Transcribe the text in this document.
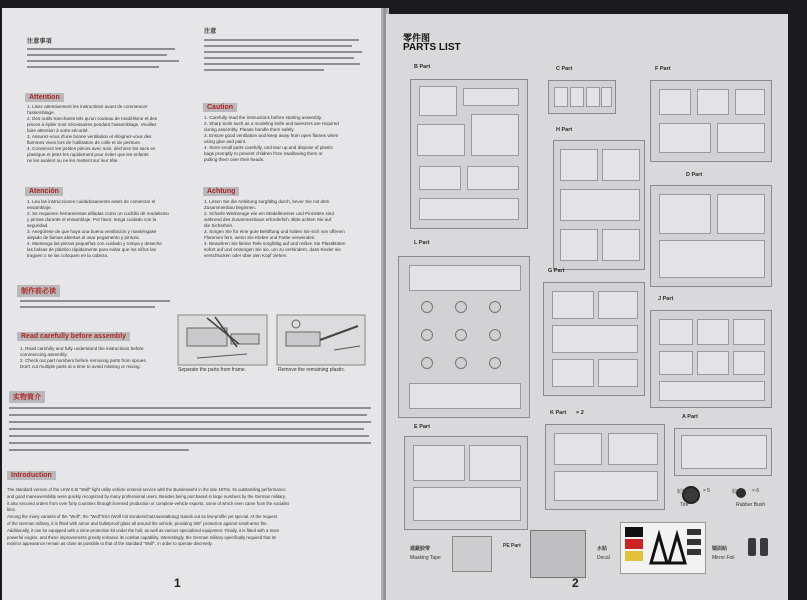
注意事項
注意
Attention
1. Lisez attentivement les instructions avant de commencer
l'assemblage.
2. Des outils tranchants tels qu'un couteau de modélisme et des
pinces à épiler sont nécessaires pendant l'assemblage. Veuillez
faire attention à votre sécurité.
3. Assurez-vous d'une bonne ventilation et éloignez-vous des
flammes vives lors de l'utilisation de colle et de peinture.
4. Conservez les petites pièces avec soin, déchirez les sacs en
plastique et jetez-les rapidement pour éviter que les enfants
ne les avalent ou ne les mettent sur leur tête.
Caution
1. Carefully read the instructions before starting assembly.
2. Sharp tools such as a modeling knife and tweezers are required
during assembly. Please handle them safely.
3. Ensure good ventilation and keep away from open flames when
using glue and paint.
4. Store small parts carefully, and tear up and dispose of plastic
bags promptly to prevent children from swallowing them or
pulling them over their heads.
Atención
1. Lea las instrucciones cuidadosamente antes de comenzar el
ensamblaje.
2. Se requieren herramientas afiladas como un cuchillo de modelismo
y pinzas durante el ensamblaje. Por favor, tenga cuidado con la
seguridad.
3. Asegúrese de que haya una buena ventilación y manténgase
alejado de llamas abiertas al usar pegamento y pintura.
4. Mantenga las piezas pequeñas con cuidado y rompa y deseche
las bolsas de plástico rápidamente para evitar que los niños las
traguen o se las coloquen en la cabeza.
Achtung
1. Lesen Sie die Anleitung sorgfältig durch, bevor Sie mit dem
Zusammenbau beginnen.
2. Scharfe Werkzeuge wie ein Modellmesser und Pinzetten sind
während des Zusammenbaus erforderlich. Bitte achten Sie auf
die Sicherheit.
3. Sorgen Sie für eine gute Belüftung und halten Sie sich von offenen
Flammen fern, wenn Sie Kleber und Farbe verwenden.
4. Bewahren Sie kleine Teile sorgfältig auf und reißen Sie Plastiktüten
sofort auf und entsorgen Sie sie, um zu verhindern, dass Kinder sie
verschlucken oder über den Kopf ziehen.
制作前必读
Read carefully before assembly
1. Read carefully and fully understand the instructions before
commencing assembly.
2. Check out part numbers before removing parts from sprues.
Don't cut multiple parts at a time to avoid missing or mixing.
Separate the parts from frame.	Remove the remaining plastic.
实物简介
Introduction
The standard version of the LKW 0.5t "Wolf" light utility vehicle entered service with the Bundeswehr in the late 1970s. Its outstanding performance
and good maneuverability were quickly recognized by many professional users. Besides being purchased in large numbers by the German military,
it also secured orders from over forty countries through licensed production or complete-vehicle exports, some of which even came from the socialist
bloc.
Among the many variants of the "Wolf", the "Wolf"SSA (Wolf mit Sonderschutzausstattung) stands out as low-profile yet special. At the request
of the German military, it is fitted with armor and bulletproof glass all around the vehicle, providing 360° protection against small-arms fire.
Additionally, it can be equipped with a mine-protection kit under the hull, as well as various specialized equipment. Finally, it is fitted with a more
powerful engine, and these improvements greatly enhance its combat capability. Interestingly, the German military specifically required that its
exterior appearance remain as close as possible to that of the standard "Wolf", in order to operate discreetly.
1
零件图
PARTS LIST
B Part	C Part	F Part
H Part
D Part
L Part
G Part
J Part
E Part
K Part × 2
A Part
轮胎	× 5
Tire
胶套 × 6
Rubber Bush
遮蔽胶带
Masking Tape
PE Part	水贴
Decal
镜面贴
Mirror Foil
2
